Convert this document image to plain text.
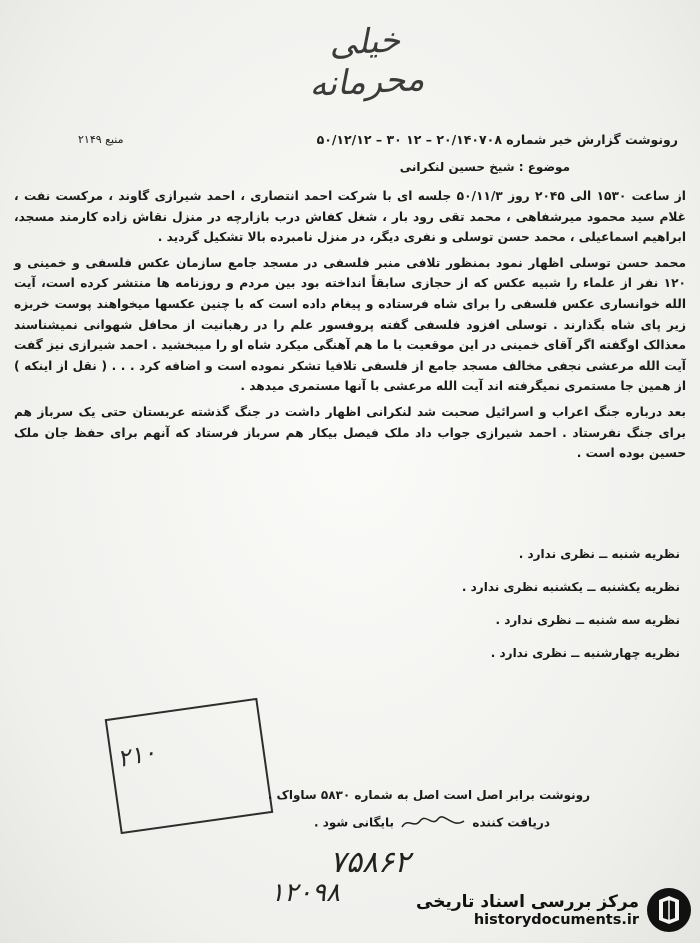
خیلی محرمانه
رونوشت گزارش خبر شماره ۲۰/۱۴۰۷۰۸ – ۱۲ ۳۰ – ۵۰/۱۲/۱۲
منبع ۲۱۴۹
موضوع : شیخ حسین لنکرانی

از ساعت ۱۵۳۰ الی ۲۰۴۵ روز ۵۰/۱۱/۳ جلسه ای با شرکت احمد انتصاری ، احمد شیرازی گاوند ، مرکست نفت ، غلام سید محمود میرشفاهی ، محمد تقی رود بار ، شغل کفاش درب بازارچه در منزل نقاش زاده کارمند مسجد، ابراهیم اسماعیلی ، محمد حسن توسلی و نفری دیگر، در منزل نامبرده بالا تشکیل گردید .

محمد حسن توسلی اظهار نمود بمنظور تلافی منبر فلسفی در مسجد جامع سازمان عکس فلسفی و خمینی و ۱۲۰ نفر از علماء را شبیه عکس که از حجازی سابقاً انداخته بود بین مردم و روزنامه ها منتشر کرده است، آیت الله خوانساری عکس فلسفی را برای شاه فرستاده و پیغام داده است که با چنین عکسها میخواهند پوست خربزه زیر پای شاه بگذارند . توسلی افزود فلسفی گفته پروفسور علم را در رهبانیت از محافل شهوانی نمیشناسند معذالک اوگفته اگر آقای خمینی در این موقعیت با ما هم آهنگی میکرد شاه او را میبخشید . احمد شیرازی نیز گفت آیت الله مرعشی نجفی مخالف مسجد جامع از فلسفی تلافیا تشکر نموده است و اضافه کرد . . . ( نقل از اینکه ) از همین جا مستمری نمیگرفته اند آیت الله مرعشی با آنها مستمری میدهد .

بعد درباره جنگ اعراب و اسرائیل صحبت شد لنکرانی اظهار داشت در جنگ گذشته عربستان حتی یک سرباز هم برای جنگ نفرستاد . احمد شیرازی جواب داد ملک فیصل بیکار هم سرباز فرستاد که آنهم برای حفظ جان ملک حسین بوده است .

نظریه شنبه ــ نظری ندارد .
نظریه یکشنبه ــ یکشنبه نظری ندارد .
نظریه سه شنبه ــ نظری ندارد .
نظریه چهارشنبه ــ نظری ندارد .
۲۱۰
رونوشت برابر اصل است اصل به شماره ۵۸۳۰ ساواک .
دریافت کننده  بایگانی شود .
۷۵۸۶۲
۱۲۰۹۸	مرکز بررسی اسناد تاریخی
historydocuments.ir
